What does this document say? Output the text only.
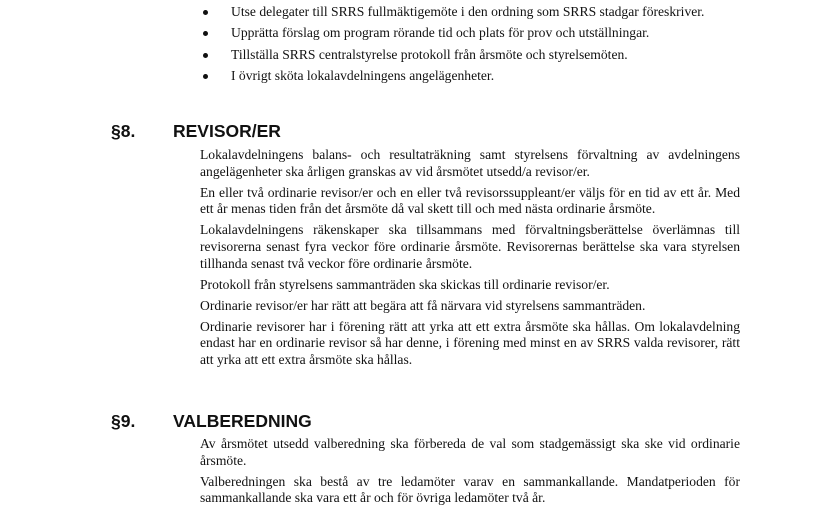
Utse delegater till SRRS fullmäktigemöte i den ordning som SRRS stadgar föreskriver.
Upprätta förslag om program rörande tid och plats för prov och utställningar.
Tillställa SRRS centralstyrelse protokoll från årsmöte och styrelsemöten.
I övrigt sköta lokalavdelningens angelägenheter.
§8. REVISOR/ER

Lokalavdelningens balans- och resultaträkning samt styrelsens förvaltning av avdelningens angelägenheter ska årligen granskas av vid årsmötet utsedd/a revisor/er.

En eller två ordinarie revisor/er och en eller två revisorssuppleant/er väljs för en tid av ett år. Med ett år menas tiden från det årsmöte då val skett till och med nästa ordinarie årsmöte.

Lokalavdelningens räkenskaper ska tillsammans med förvaltningsberättelse överlämnas till revisorerna senast fyra veckor före ordinarie årsmöte. Revisorernas berättelse ska vara styrelsen tillhanda senast två veckor före ordinarie årsmöte.

Protokoll från styrelsens sammanträden ska skickas till ordinarie revisor/er.

Ordinarie revisor/er har rätt att begära att få närvara vid styrelsens sammanträden.

Ordinarie revisorer har i förening rätt att yrka att ett extra årsmöte ska hållas. Om lokalavdelning endast har en ordinarie revisor så har denne, i förening med minst en av SRRS valda revisorer, rätt att yrka att ett extra årsmöte ska hållas.

§9. VALBEREDNING

Av årsmötet utsedd valberedning ska förbereda de val som stadgemässigt ska ske vid ordinarie årsmöte.

Valberedningen ska bestå av tre ledamöter varav en sammankallande. Mandatperioden för sammankallande ska vara ett år och för övriga ledamöter två år.
